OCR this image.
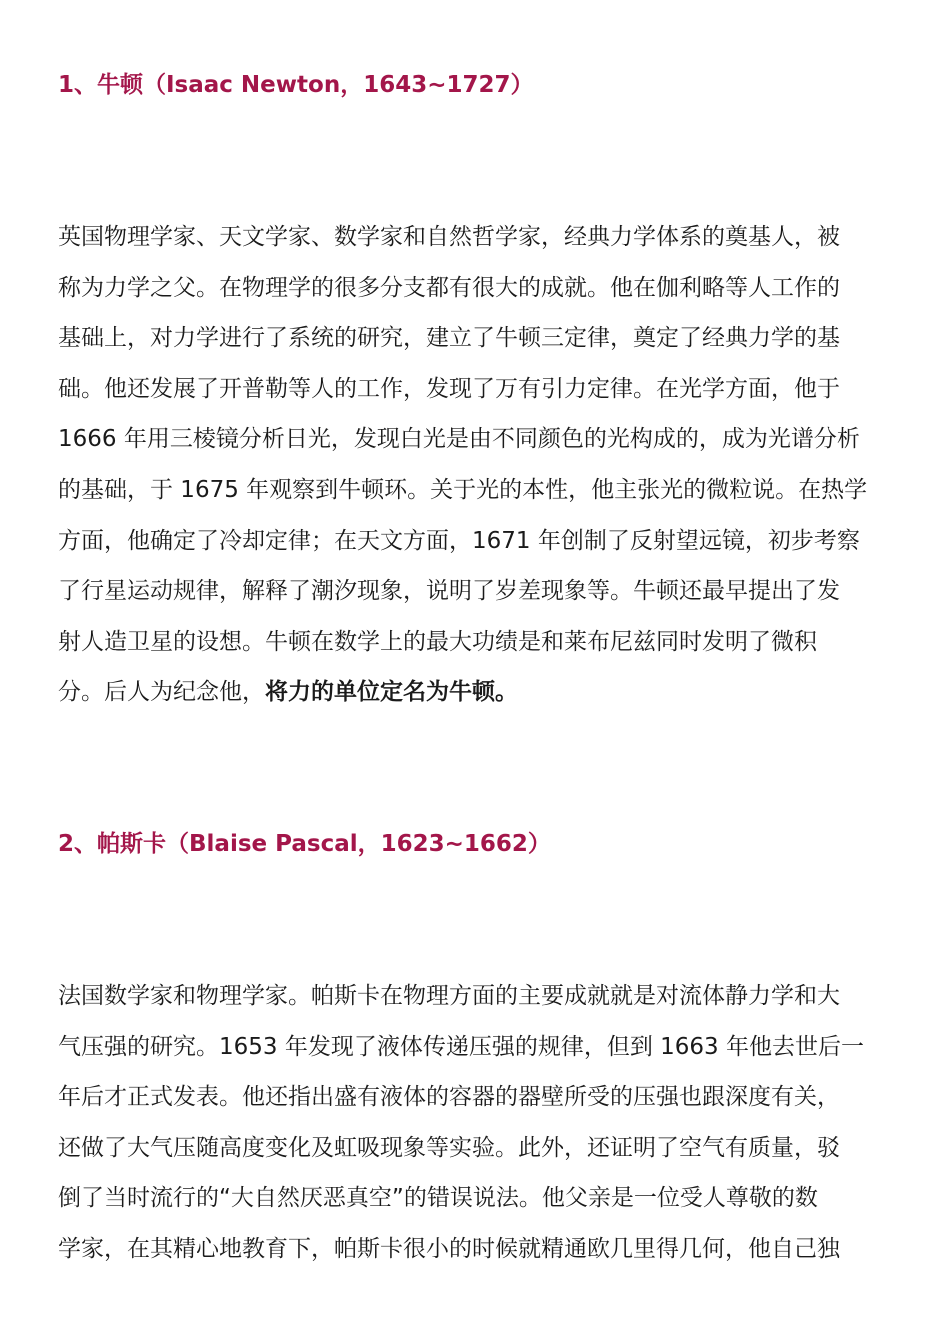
1、牛顿（Isaac Newton，1643~1727）
英国物理学家、天文学家、数学家和自然哲学家，经典力学体系的奠基人，被
称为力学之父。在物理学的很多分支都有很大的成就。他在伽利略等人工作的
基础上，对力学进行了系统的研究，建立了牛顿三定律，奠定了经典力学的基
础。他还发展了开普勒等人的工作，发现了万有引力定律。在光学方面，他于
1666 年用三棱镜分析日光，发现白光是由不同颜色的光构成的，成为光谱分析
的基础，于 1675 年观察到牛顿环。关于光的本性，他主张光的微粒说。在热学
方面，他确定了冷却定律；在天文方面，1671 年创制了反射望远镜，初步考察
了行星运动规律，解释了潮汐现象，说明了岁差现象等。牛顿还最早提出了发
射人造卫星的设想。牛顿在数学上的最大功绩是和莱布尼兹同时发明了微积
分。后人为纪念他，将力的单位定名为牛顿。
2、帕斯卡（Blaise Pascal，1623~1662）
法国数学家和物理学家。帕斯卡在物理方面的主要成就就是对流体静力学和大
气压强的研究。1653 年发现了液体传递压强的规律，但到 1663 年他去世后一
年后才正式发表。他还指出盛有液体的容器的器壁所受的压强也跟深度有关，
还做了大气压随高度变化及虹吸现象等实验。此外，还证明了空气有质量，驳
倒了当时流行的“大自然厌恶真空”的错误说法。他父亲是一位受人尊敬的数
学家，在其精心地教育下，帕斯卡很小的时候就精通欧几里得几何，他自己独
